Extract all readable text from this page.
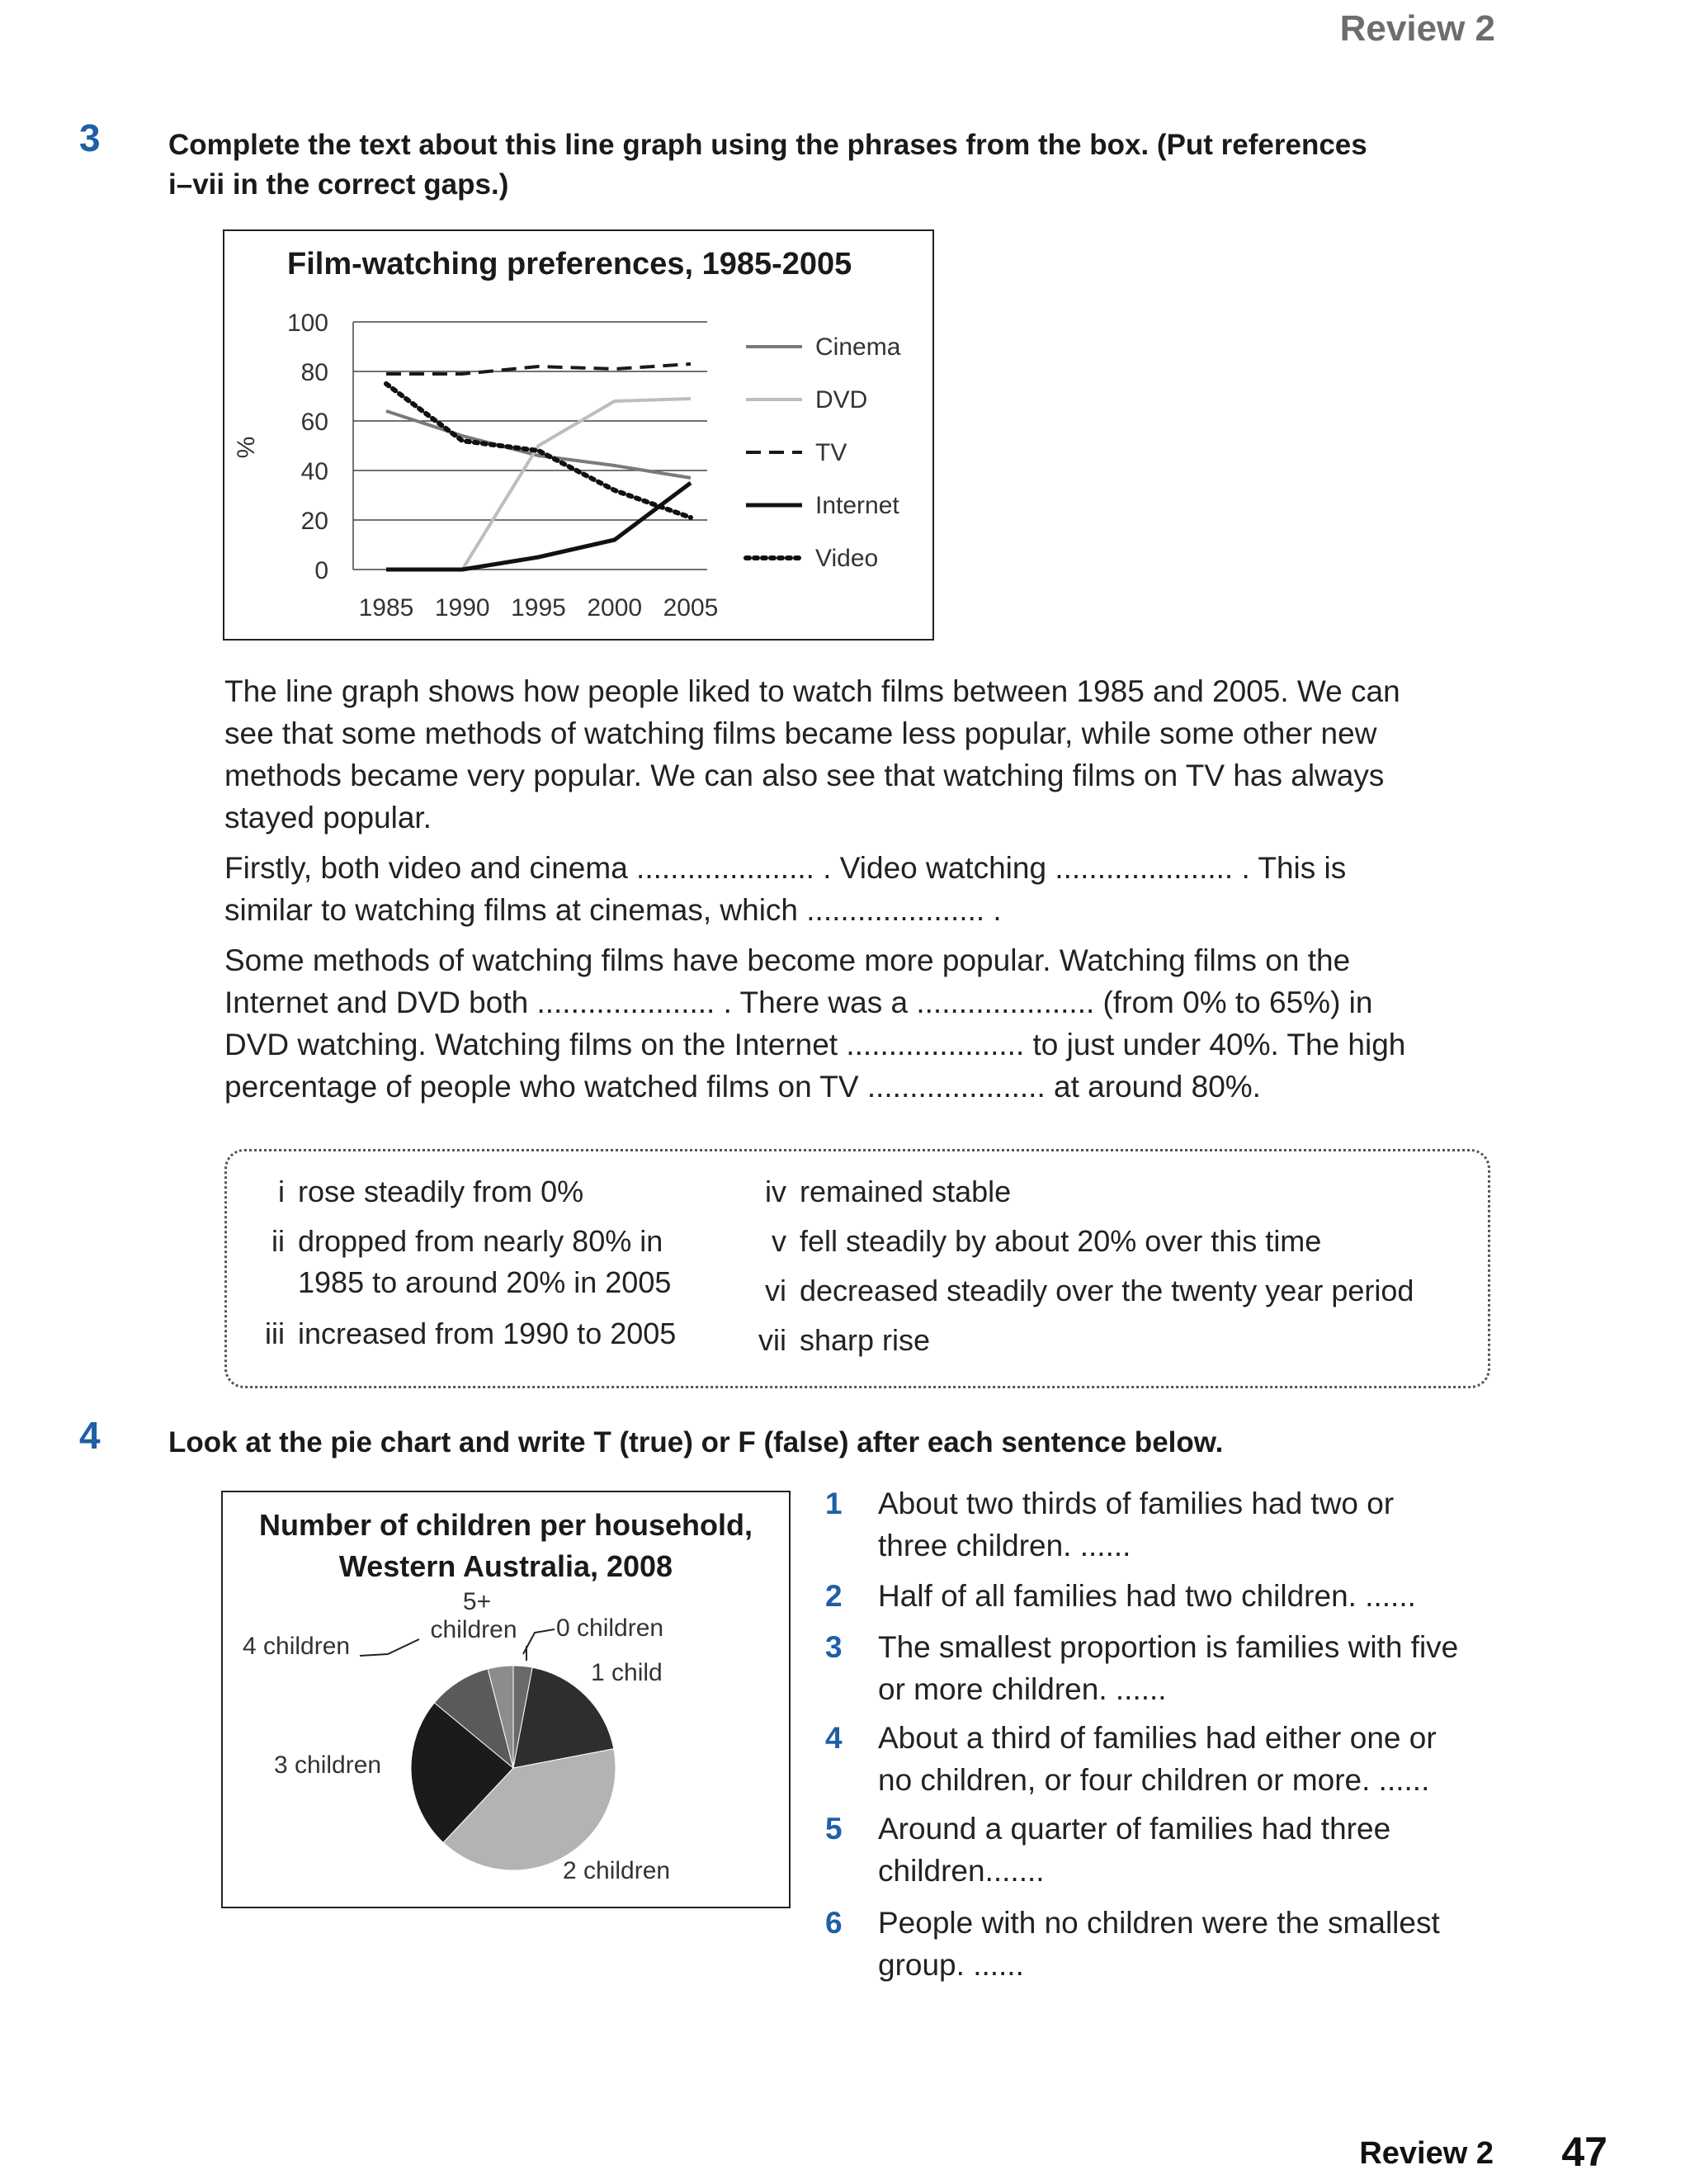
Review 2
3 Complete the text about this line graph using the phrases from the box. (Put references
i–vii in the correct gaps.)
Film-watching preferences, 1985-2005
%
0
20
40
60
80
100
1985 1990 1995 2000 2005
Cinema
DVD
TV
Internet
Video
The line graph shows how people liked to watch films between 1985 and 2005. We can
see that some methods of watching films became less popular, while some other new
methods became very popular. We can also see that watching films on TV has always
stayed popular.
Firstly, both video and cinema ..................... . Video watching ..................... . This is
similar to watching films at cinemas, which ..................... .
Some methods of watching films have become more popular. Watching films on the
Internet and DVD both ..................... . There was a ..................... (from 0% to 65%) in
DVD watching. Watching films on the Internet ..................... to just under 40%. The high
percentage of people who watched films on TV ..................... at around 80%.
i rose steadily from 0%
ii dropped from nearly 80% in
1985 to around 20% in 2005
iii increased from 1990 to 2005
iv remained stable
v fell steadily by about 20% over this time
vi decreased steadily over the twenty year period
vii sharp rise
4 Look at the pie chart and write T (true) or F (false) after each sentence below.
Number of children per household,
Western Australia, 2008
4 children
5+
children 0 children
1 child
3 children
2 children
1	About two thirds of families had two or
three children. ......
2	Half of all families had two children. ......
3	The smallest proportion is families with five
or more children. ......
4	About a third of families had either one or
no children, or four children or more. ......
5	Around a quarter of families had three
children.......
6	People with no children were the smallest
group. ......
Review 2 47
